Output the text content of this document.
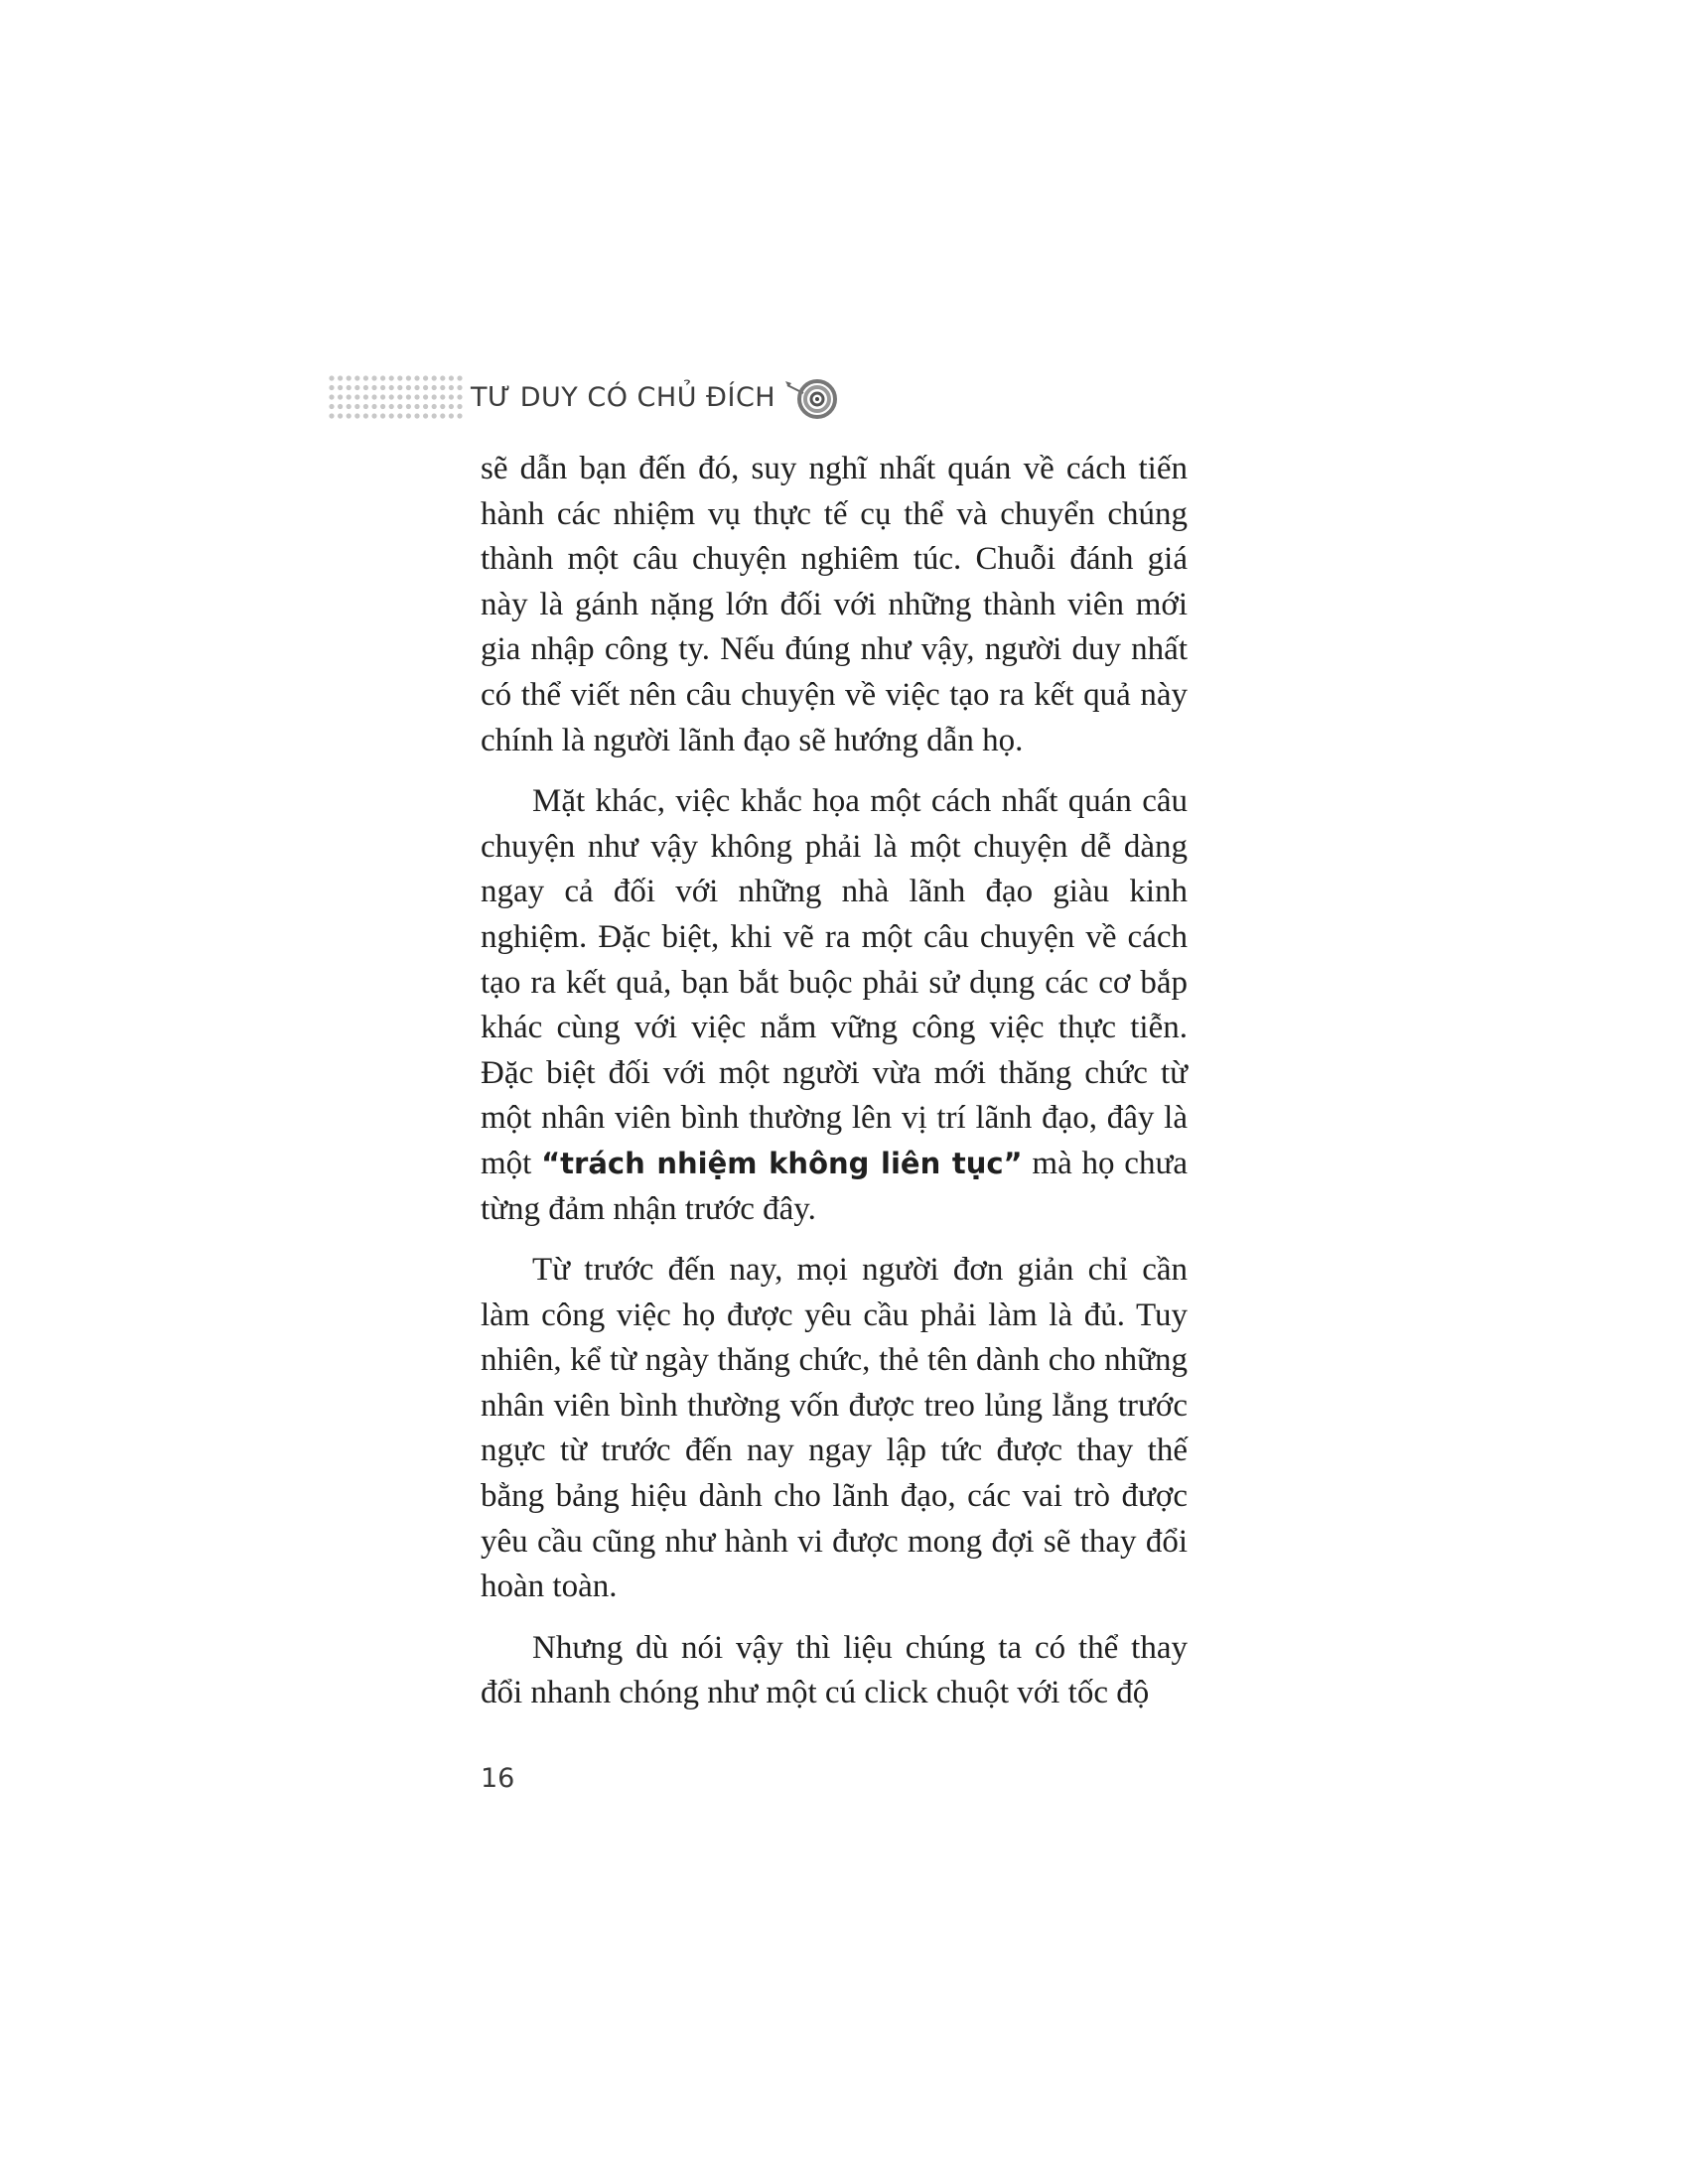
TƯ DUY CÓ CHỦ ĐÍCH

sẽ dẫn bạn đến đó, suy nghĩ nhất quán về cách tiến hành các nhiệm vụ thực tế cụ thể và chuyển chúng thành một câu chuyện nghiêm túc. Chuỗi đánh giá này là gánh nặng lớn đối với những thành viên mới gia nhập công ty. Nếu đúng như vậy, người duy nhất có thể viết nên câu chuyện về việc tạo ra kết quả này chính là người lãnh đạo sẽ hướng dẫn họ.

Mặt khác, việc khắc họa một cách nhất quán câu chuyện như vậy không phải là một chuyện dễ dàng ngay cả đối với những nhà lãnh đạo giàu kinh nghiệm. Đặc biệt, khi vẽ ra một câu chuyện về cách tạo ra kết quả, bạn bắt buộc phải sử dụng các cơ bắp khác cùng với việc nắm vững công việc thực tiễn. Đặc biệt đối với một người vừa mới thăng chức từ một nhân viên bình thường lên vị trí lãnh đạo, đây là một “trách nhiệm không liên tục” mà họ chưa từng đảm nhận trước đây.

Từ trước đến nay, mọi người đơn giản chỉ cần làm công việc họ được yêu cầu phải làm là đủ. Tuy nhiên, kể từ ngày thăng chức, thẻ tên dành cho những nhân viên bình thường vốn được treo lủng lẳng trước ngực từ trước đến nay ngay lập tức được thay thế bằng bảng hiệu dành cho lãnh đạo, các vai trò được yêu cầu cũng như hành vi được mong đợi sẽ thay đổi hoàn toàn.

Nhưng dù nói vậy thì liệu chúng ta có thể thay đổi nhanh chóng như một cú click chuột với tốc độ

16
